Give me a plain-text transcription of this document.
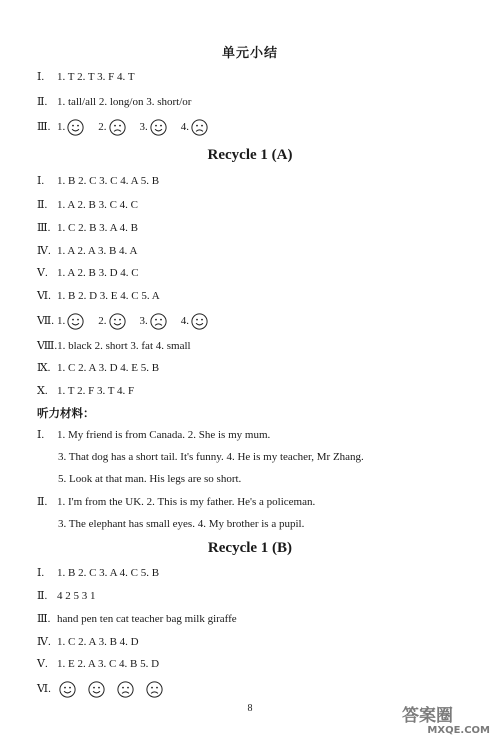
单元小结
Ⅰ. 1. T 2. T 3. F 4. T
Ⅱ. 1. tall/all 2. long/on 3. short/or
Ⅲ. 1.	2.	3.	4.
Recycle 1 (A)
Ⅰ. 1. B 2. C 3. C 4. A 5. B
Ⅱ. 1. A 2. B 3. C 4. C
Ⅲ. 1. C 2. B 3. A 4. B
Ⅳ. 1. A 2. A 3. B 4. A
Ⅴ. 1. A 2. B 3. D 4. C
Ⅵ. 1. B 2. D 3. E 4. C 5. A
Ⅶ. 1.	2.	3.	4.
Ⅷ.1. black 2. short 3. fat 4. small
Ⅸ. 1. C 2. A 3. D 4. E 5. B
Ⅹ. 1. T 2. F 3. T 4. F
听力材料：
Ⅰ. 1. My friend is from Canada. 2. She is my mum.
3. That dog has a short tail. It's funny. 4. He is my teacher, Mr Zhang.
5. Look at that man. His legs are so short.
Ⅱ. 1. I'm from the UK. 2. This is my father. He's a policeman.
3. The elephant has small eyes. 4. My brother is a pupil.
Recycle 1 (B)
Ⅰ. 1. B 2. C 3. A 4. C 5. B
Ⅱ. 4 2 5 3 1
Ⅲ. hand pen ten cat teacher bag milk giraffe
Ⅳ. 1. C 2. A 3. B 4. D
Ⅴ. 1. E 2. A 3. C 4. B 5. D
Ⅵ.
8	答案圈
MXQE.COM
